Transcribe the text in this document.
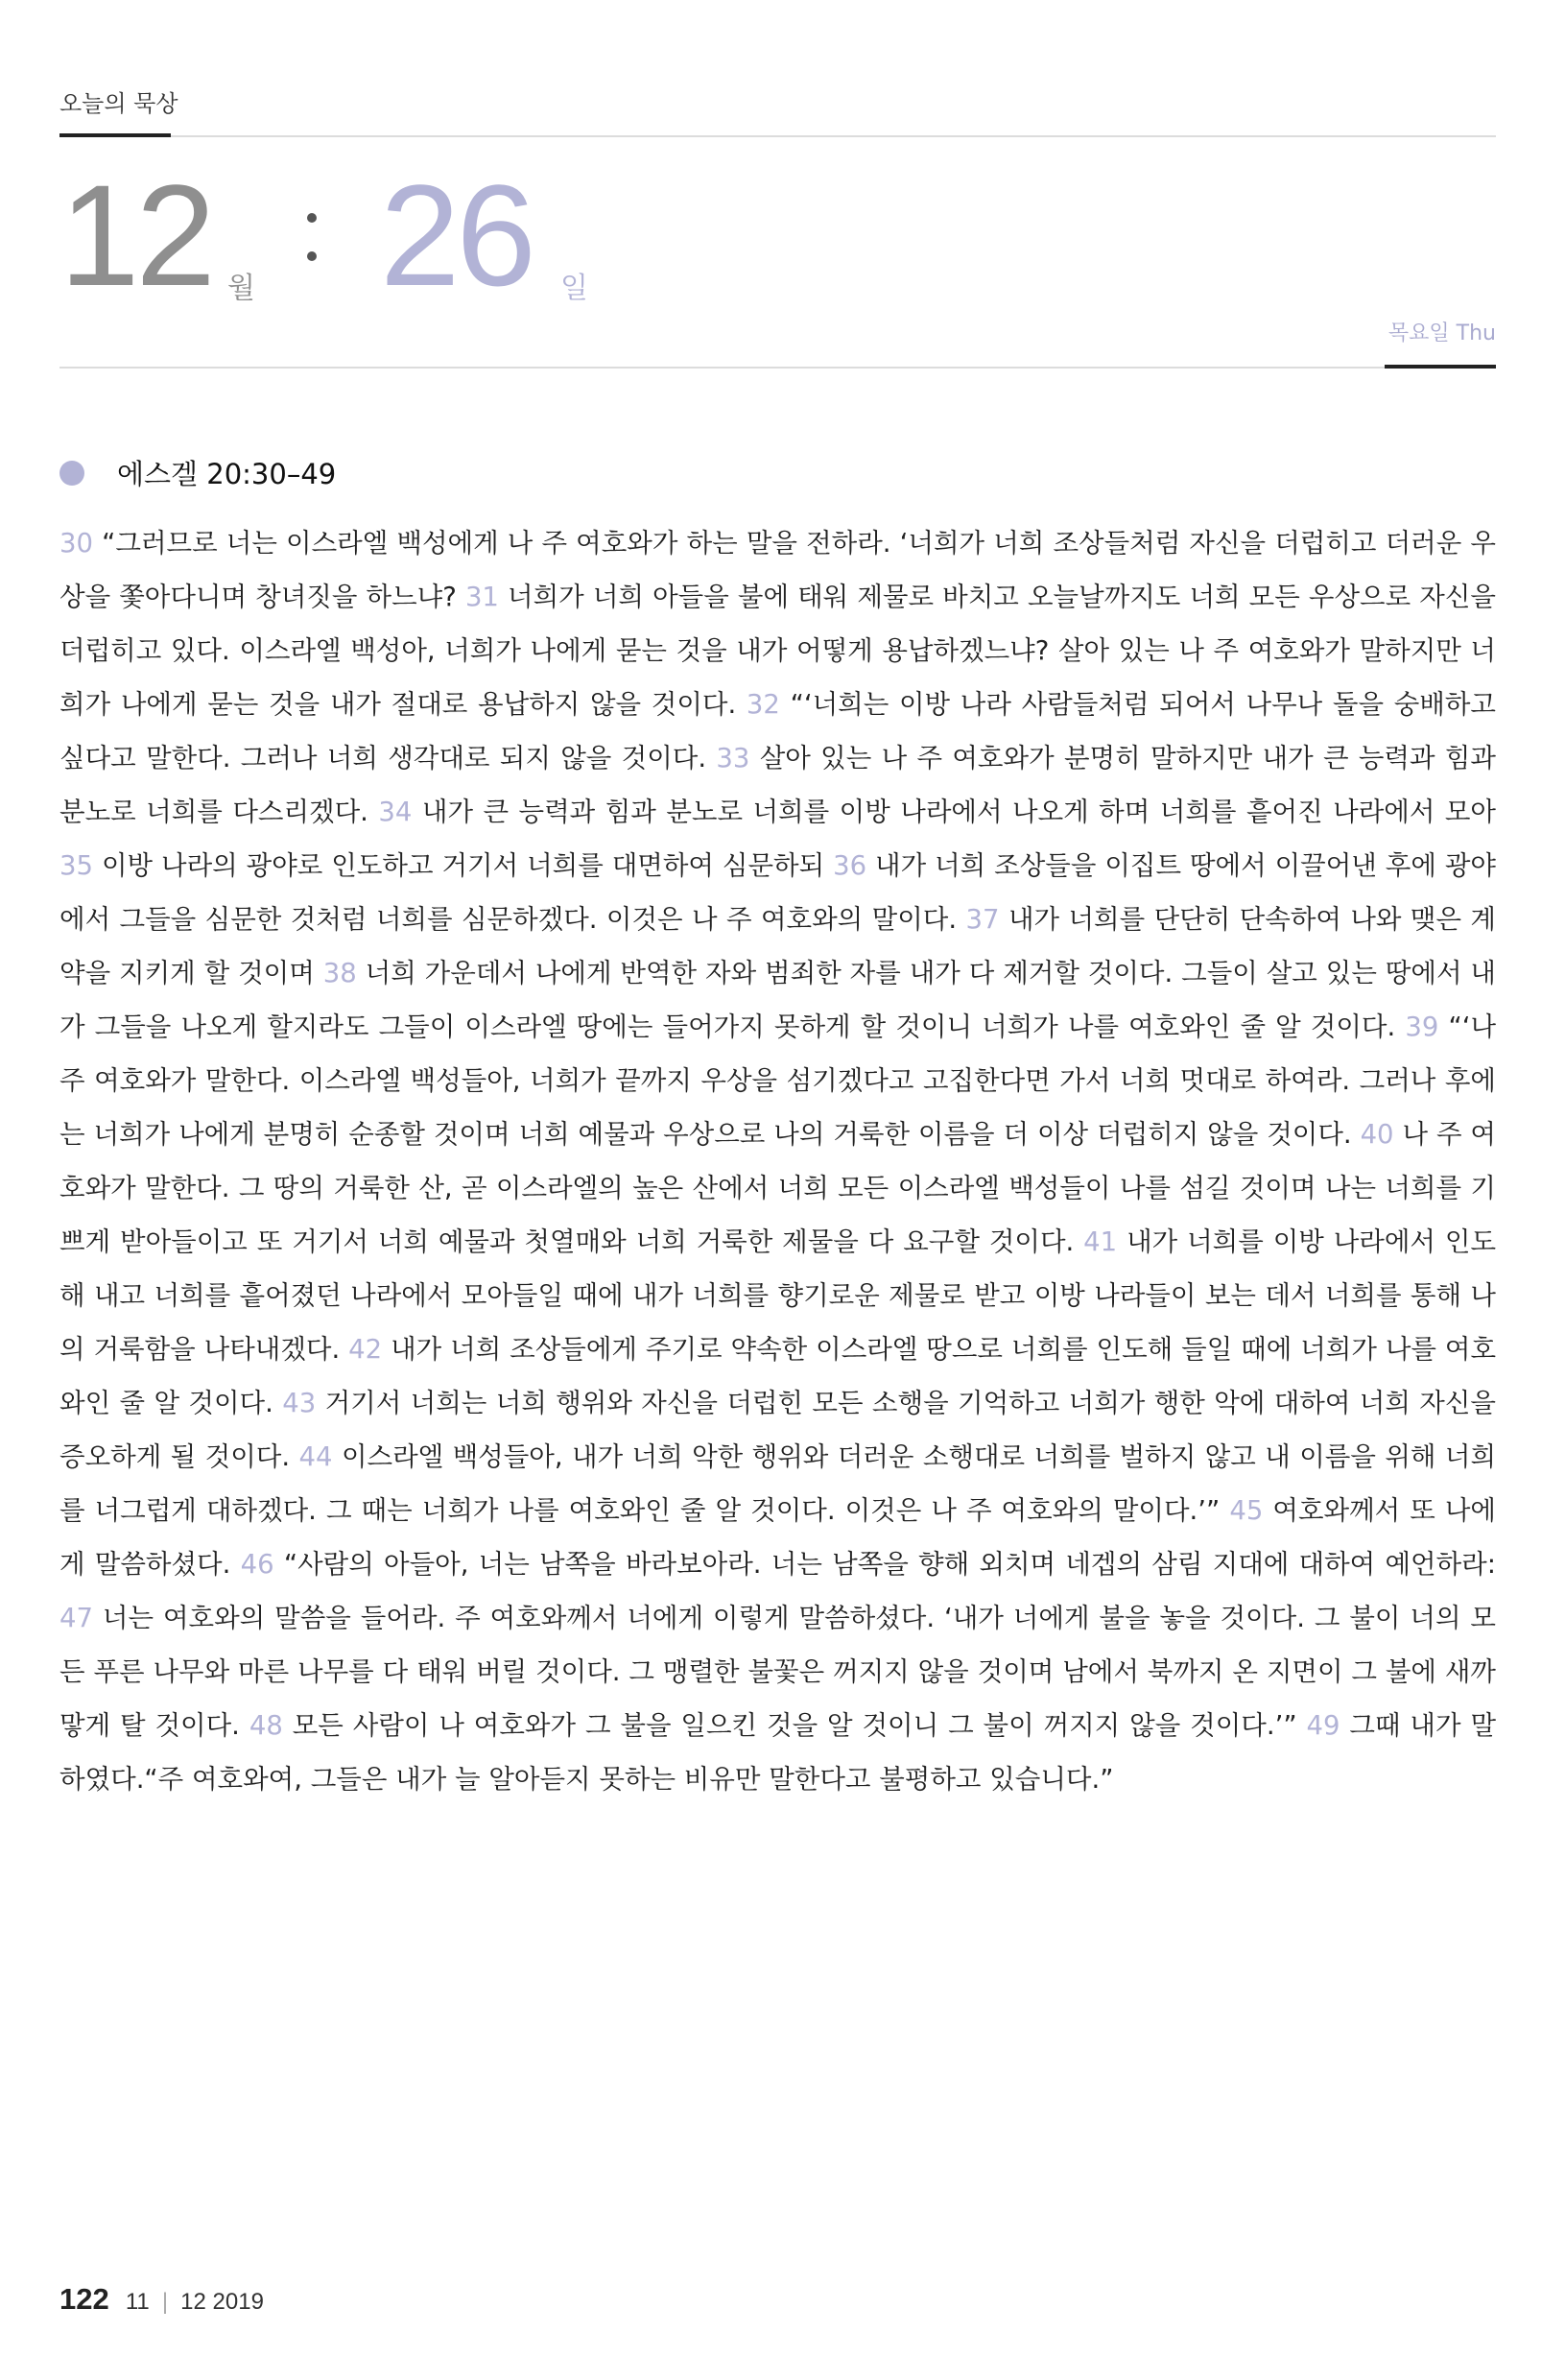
오늘의 묵상
12 월 26 일
목요일 Thu
에스겔 20:30–49

30 “그러므로 너는 이스라엘 백성에게 나 주 여호와가 하는 말을 전하라. ‘너희가 너희 조상들처럼 자신을 더럽히고 더러운 우상을 쫓아다니며 창녀짓을 하느냐? 31 너희가 너희 아들을 불에 태워 제물로 바치고 오늘날까지도 너희 모든 우상으로 자신을 더럽히고 있다. 이스라엘 백성아, 너희가 나에게 묻는 것을 내가 어떻게 용납하겠느냐? 살아 있는 나 주 여호와가 말하지만 너희가 나에게 묻는 것을 내가 절대로 용납하지 않을 것이다. 32 “‘너희는 이방 나라 사람들처럼 되어서 나무나 돌을 숭배하고 싶다고 말한다. 그러나 너희 생각대로 되지 않을 것이다. 33 살아 있는 나 주 여호와가 분명히 말하지만 내가 큰 능력과 힘과 분노로 너희를 다스리겠다. 34 내가 큰 능력과 힘과 분노로 너희를 이방 나라에서 나오게 하며 너희를 흩어진 나라에서 모아 35 이방 나라의 광야로 인도하고 거기서 너희를 대면하여 심문하되 36 내가 너희 조상들을 이집트 땅에서 이끌어낸 후에 광야에서 그들을 심문한 것처럼 너희를 심문하겠다. 이것은 나 주 여호와의 말이다. 37 내가 너희를 단단히 단속하여 나와 맺은 계약을 지키게 할 것이며 38 너희 가운데서 나에게 반역한 자와 범죄한 자를 내가 다 제거할 것이다. 그들이 살고 있는 땅에서 내가 그들을 나오게 할지라도 그들이 이스라엘 땅에는 들어가지 못하게 할 것이니 너희가 나를 여호와인 줄 알 것이다. 39 “‘나 주 여호와가 말한다. 이스라엘 백성들아, 너희가 끝까지 우상을 섬기겠다고 고집한다면 가서 너희 멋대로 하여라. 그러나 후에는 너희가 나에게 분명히 순종할 것이며 너희 예물과 우상으로 나의 거룩한 이름을 더 이상 더럽히지 않을 것이다. 40 나 주 여호와가 말한다. 그 땅의 거룩한 산, 곧 이스라엘의 높은 산에서 너희 모든 이스라엘 백성들이 나를 섬길 것이며 나는 너희를 기쁘게 받아들이고 또 거기서 너희 예물과 첫열매와 너희 거룩한 제물을 다 요구할 것이다. 41 내가 너희를 이방 나라에서 인도해 내고 너희를 흩어졌던 나라에서 모아들일 때에 내가 너희를 향기로운 제물로 받고 이방 나라들이 보는 데서 너희를 통해 나의 거룩함을 나타내겠다. 42 내가 너희 조상들에게 주기로 약속한 이스라엘 땅으로 너희를 인도해 들일 때에 너희가 나를 여호와인 줄 알 것이다. 43 거기서 너희는 너희 행위와 자신을 더럽힌 모든 소행을 기억하고 너희가 행한 악에 대하여 너희 자신을 증오하게 될 것이다. 44 이스라엘 백성들아, 내가 너희 악한 행위와 더러운 소행대로 너희를 벌하지 않고 내 이름을 위해 너희를 너그럽게 대하겠다. 그 때는 너희가 나를 여호와인 줄 알 것이다. 이것은 나 주 여호와의 말이다.’” 45 여호와께서 또 나에게 말씀하셨다. 46 “사람의 아들아, 너는 남쪽을 바라보아라. 너는 남쪽을 향해 외치며 네겝의 삼림 지대에 대하여 예언하라: 47 너는 여호와의 말씀을 들어라. 주 여호와께서 너에게 이렇게 말씀하셨다. ‘내가 너에게 불을 놓을 것이다. 그 불이 너의 모든 푸른 나무와 마른 나무를 다 태워 버릴 것이다. 그 맹렬한 불꽃은 꺼지지 않을 것이며 남에서 북까지 온 지면이 그 불에 새까맣게 탈 것이다. 48 모든 사람이 나 여호와가 그 불을 일으킨 것을 알 것이니 그 불이 꺼지지 않을 것이다.’” 49 그때 내가 말하였다.“주 여호와여, 그들은 내가 늘 알아듣지 못하는 비유만 말한다고 불평하고 있습니다.”

122 11 | 12 2019
